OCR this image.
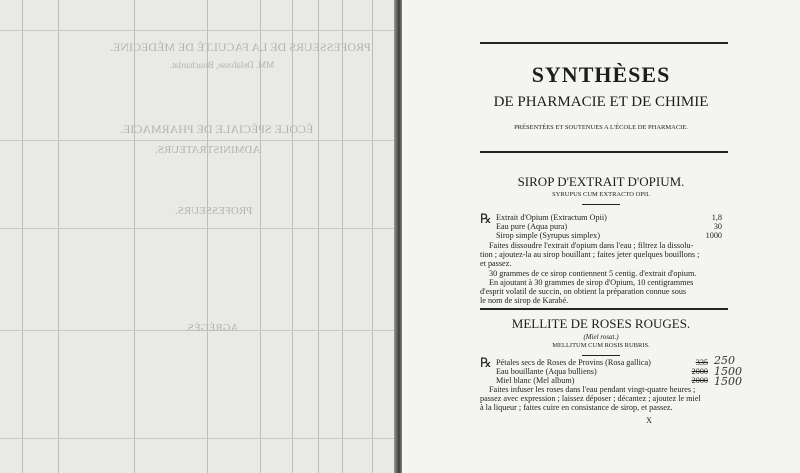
PROFESSEURS DE LA FACULTÉ DE MÉDECINE.
MM. Delafosse, Bouchardat.
ÉCOLE SPÉCIALE DE PHARMACIE.
ADMINISTRATEURS.
PROFESSEURS.
AGRÉGÉS.
SYNTHÈSES
DE PHARMACIE ET DE CHIMIE
PRÉSENTÉES ET SOUTENUES A L'ÉCOLE DE PHARMACIE.
SIROP D'EXTRAIT D'OPIUM.
SYRUPUS CUM EXTRACTO OPII.
℞ Extrait d'Opium (Extractum Opii)	1,8
Eau pure (Aqua pura)	30
Sirop simple (Syrupus simplex)	1000
Faites dissoudre l'extrait d'opium dans l'eau ; filtrez la dissolu-
tion ; ajoutez-la au sirop bouillant ; faites jeter quelques bouillons ;
et passez.
30 grammes de ce sirop contiennent 5 centig. d'extrait d'opium.
En ajoutant à 30 grammes de sirop d'Opium, 10 centigrammes
d'esprit volatil de succin, on obtient la préparation connue sous
le nom de sirop de Karabé.
MELLITE DE ROSES ROUGES.
(Miel rosat.)
MELLITUM CUM ROSIS RUBRIS.
℞ Pétales secs de Roses de Provins (Rosa gallica)	335 250
Eau bouillante (Aqua bulliens)	2000 1500
Miel blanc (Mel album)	2000 1500
Faites infuser les roses dans l'eau pendant vingt-quatre heures ;
passez avec expression ; laissez déposer ; décantez ; ajoutez le miel
à la liqueur ; faites cuire en consistance de sirop, et passez.
X
